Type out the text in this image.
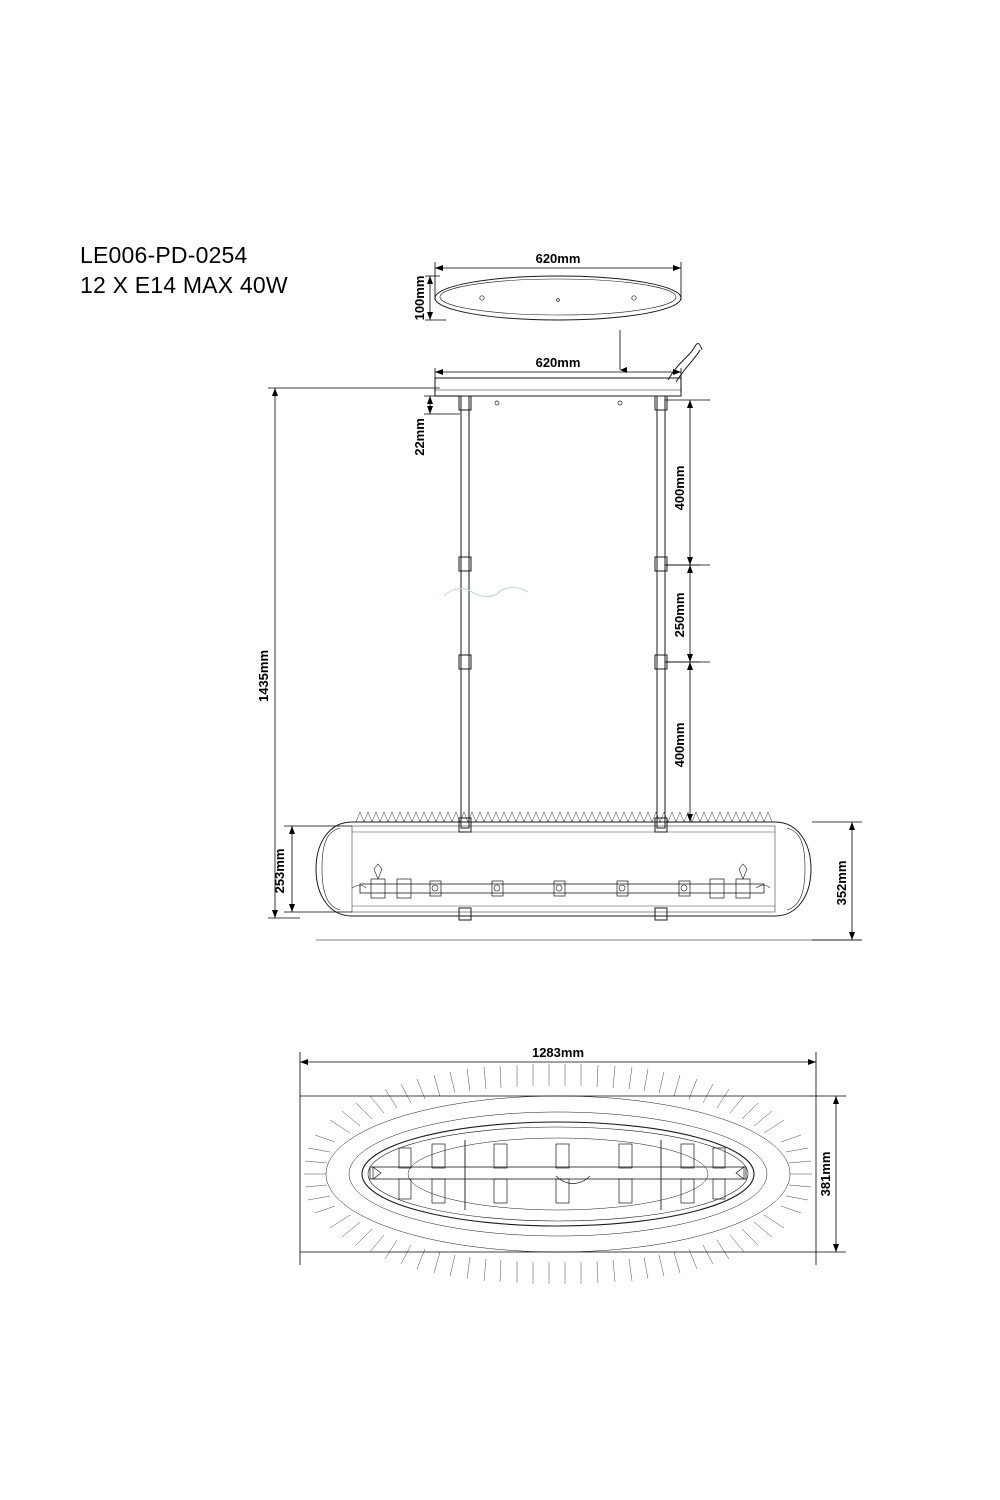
620mm
100mm
620mm
22mm
1435mm
400mm
250mm
400mm
253mm	352mm
1283mm
381mm
LE006-PD-0254
12 X E14 MAX 40W
